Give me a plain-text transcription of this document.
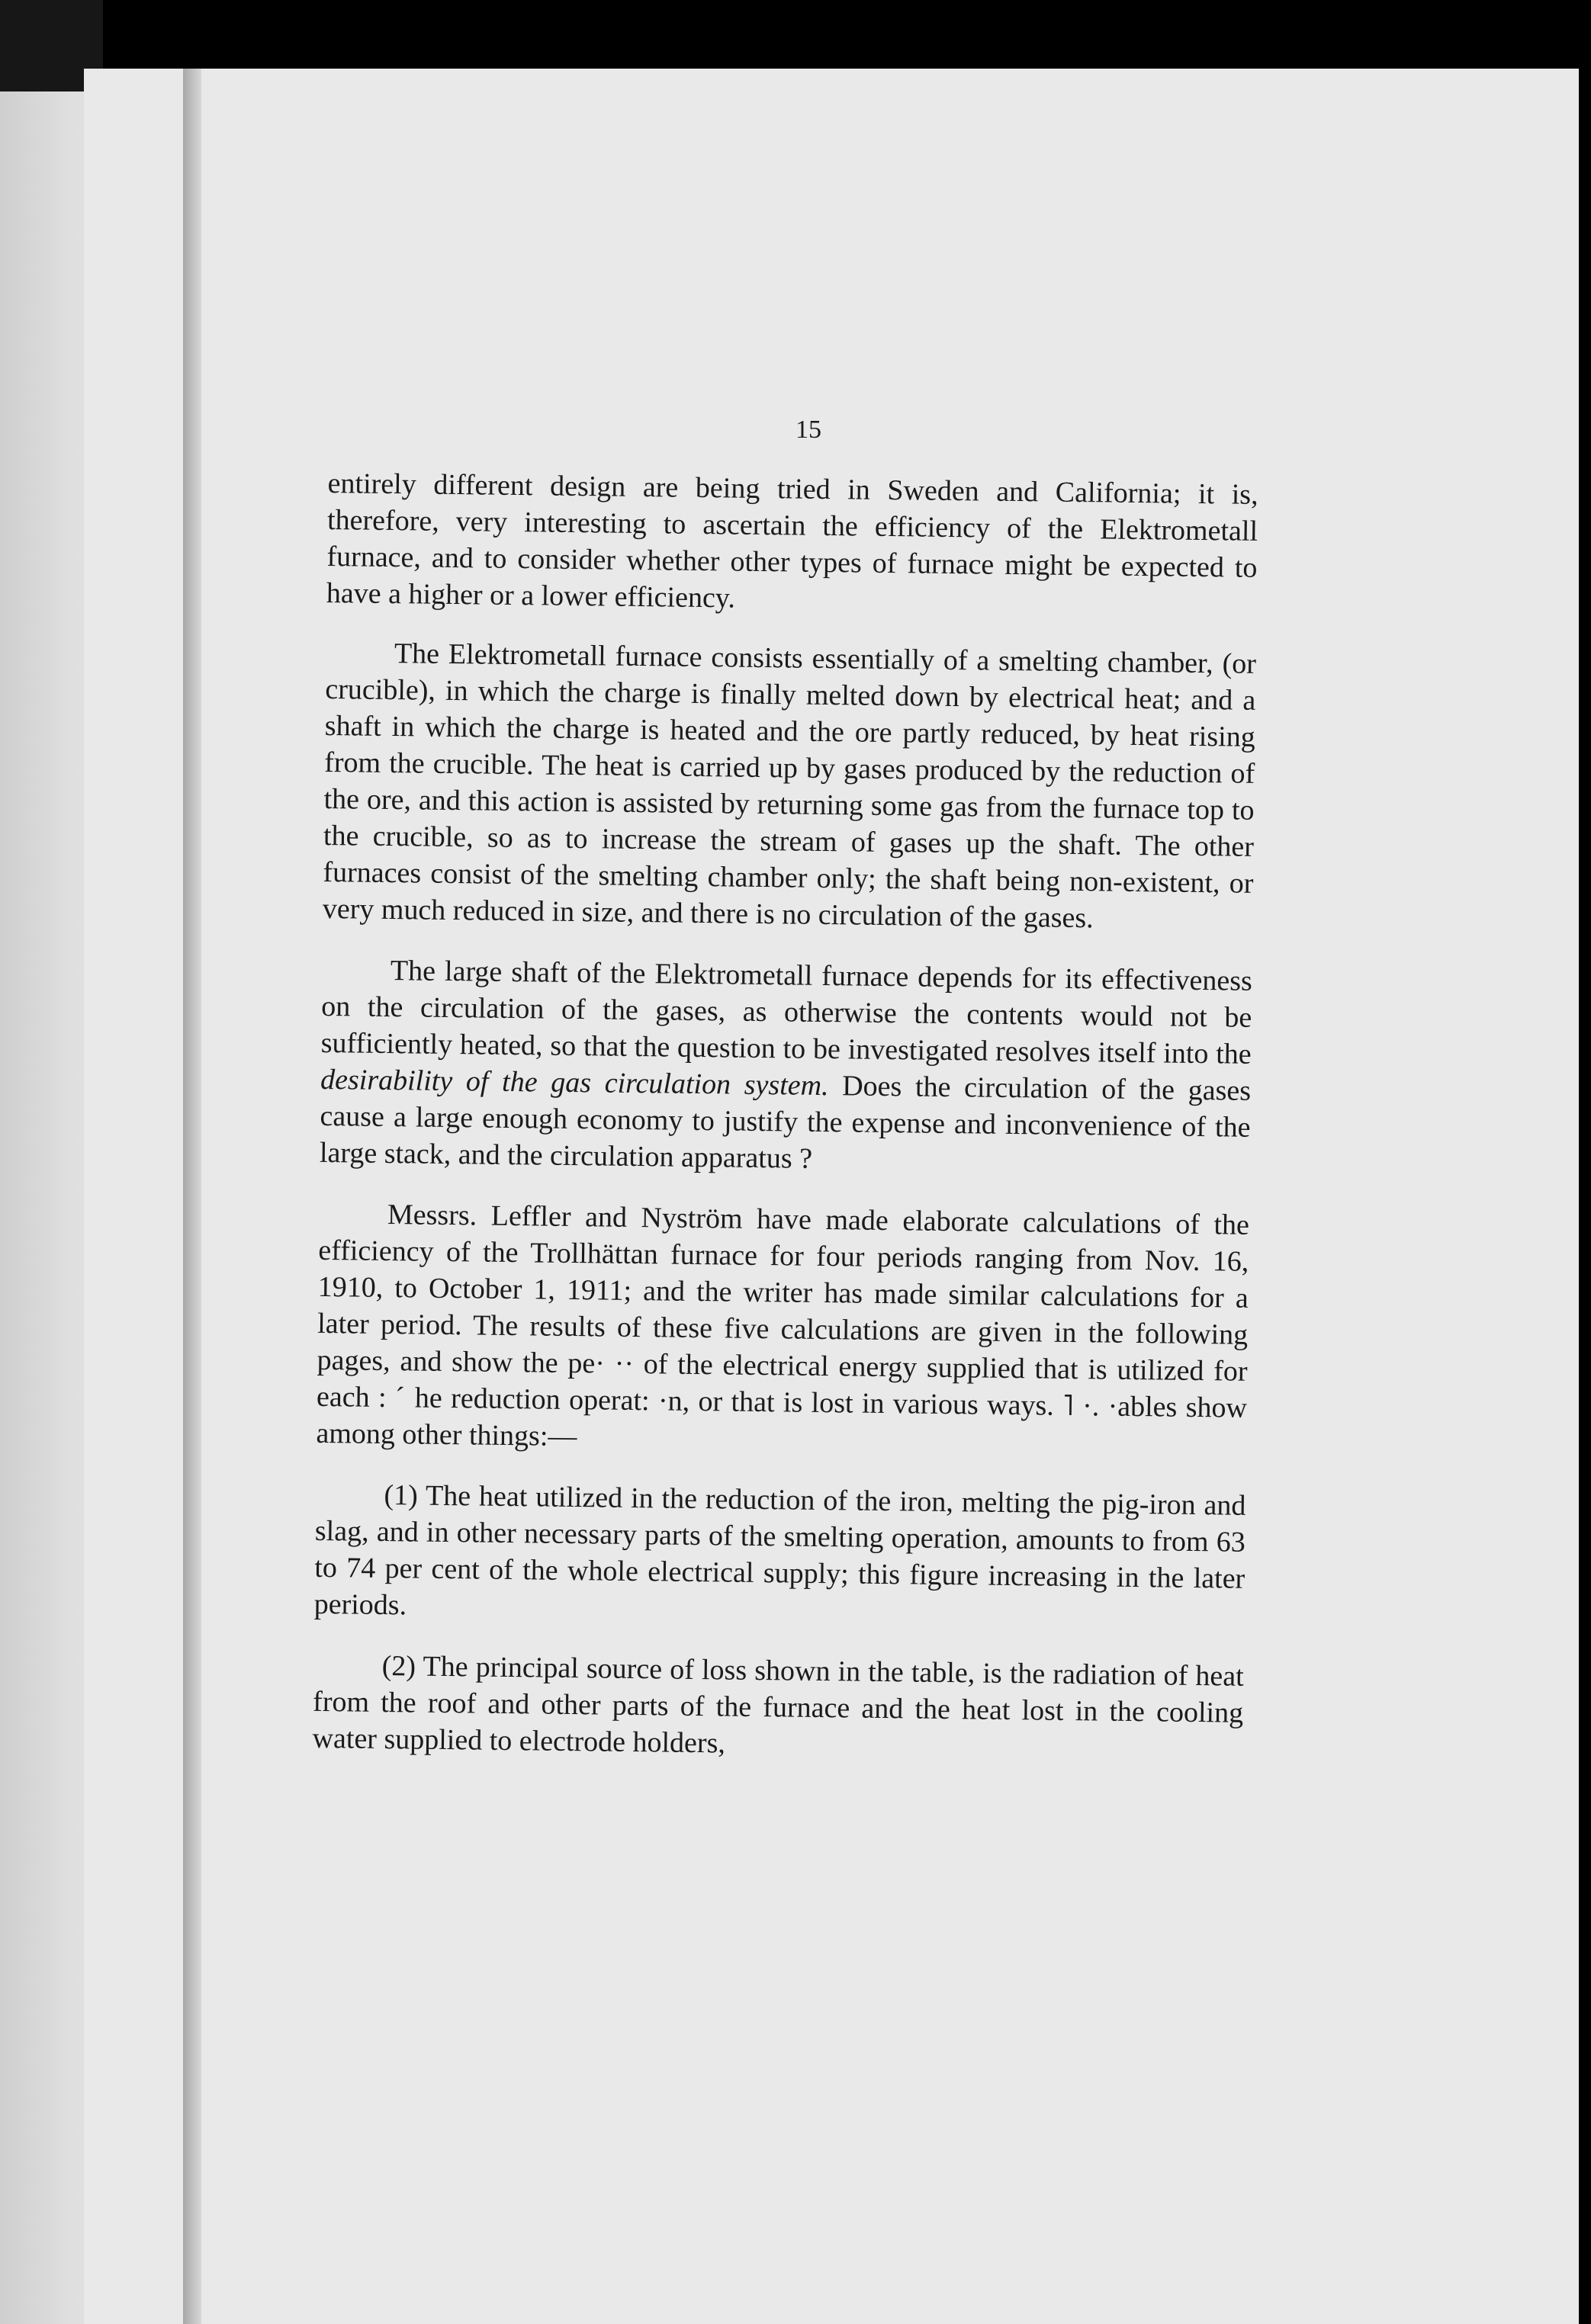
15

entirely different design are being tried in Sweden and California; it is, therefore, very interesting to ascertain the efficiency of the Elektrometall furnace, and to consider whether other types of furnace might be expected to have a higher or a lower efficiency.

The Elektrometall furnace consists essentially of a smelting chamber, (or crucible), in which the charge is finally melted down by electrical heat; and a shaft in which the charge is heated and the ore partly reduced, by heat rising from the crucible. The heat is carried up by gases produced by the reduction of the ore, and this action is assisted by returning some gas from the furnace top to the crucible, so as to increase the stream of gases up the shaft. The other furnaces consist of the smelting chamber only; the shaft being non-existent, or very much reduced in size, and there is no circulation of the gases.

The large shaft of the Elektrometall furnace depends for its effectiveness on the circulation of the gases, as otherwise the contents would not be sufficiently heated, so that the question to be investigated resolves itself into the desirability of the gas circulation system. Does the circulation of the gases cause a large enough economy to justify the expense and inconvenience of the large stack, and the circulation apparatus ?

Messrs. Leffler and Nyström have made elaborate calculations of the efficiency of the Trollhättan furnace for four periods ranging from Nov. 16, 1910, to October 1, 1911; and the writer has made similar calculations for a later period. The results of these five calculations are given in the following pages, and show the pe· ·· of the electrical energy supplied that is utilized for each : ˊ he reduction operat: ·n, or that is lost in various ways. ˥ ·. ·ables show among other things:—

(1) The heat utilized in the reduction of the iron, melting the pig-iron and slag, and in other necessary parts of the smelting operation, amounts to from 63 to 74 per cent of the whole electrical supply; this figure increasing in the later periods.

(2) The principal source of loss shown in the table, is the radiation of heat from the roof and other parts of the furnace and the heat lost in the cooling water supplied to electrode holders,
